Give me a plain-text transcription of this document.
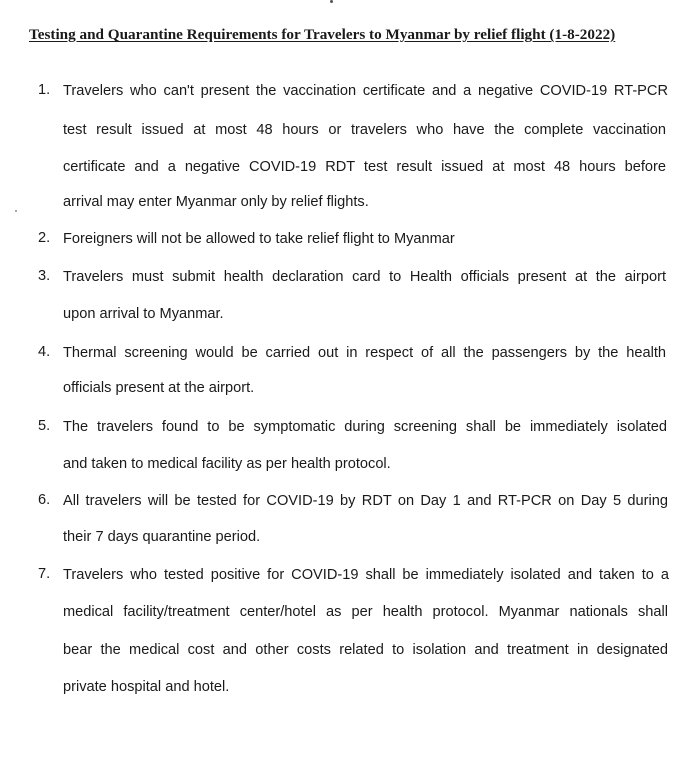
Testing and Quarantine Requirements for Travelers to Myanmar by relief flight (1-8-2022)
1. Travelers who can't present the vaccination certificate and a negative COVID-19 RT-PCR
test result issued at most 48 hours or travelers who have the complete vaccination
certificate and a negative COVID-19 RDT test result issued at most 48 hours before
arrival may enter Myanmar only by relief flights.
2. Foreigners will not be allowed to take relief flight to Myanmar
3. Travelers must submit health declaration card to Health officials present at the airport
upon arrival to Myanmar.
4. Thermal screening would be carried out in respect of all the passengers by the health
officials present at the airport.
5. The travelers found to be symptomatic during screening shall be immediately isolated
and taken to medical facility as per health protocol.
6. All travelers will be tested for COVID-19 by RDT on Day 1 and RT-PCR on Day 5 during
their 7 days quarantine period.
7. Travelers who tested positive for COVID-19 shall be immediately isolated and taken to a
medical facility/treatment center/hotel as per health protocol. Myanmar nationals shall
bear the medical cost and other costs related to isolation and treatment in designated
private hospital and hotel.
